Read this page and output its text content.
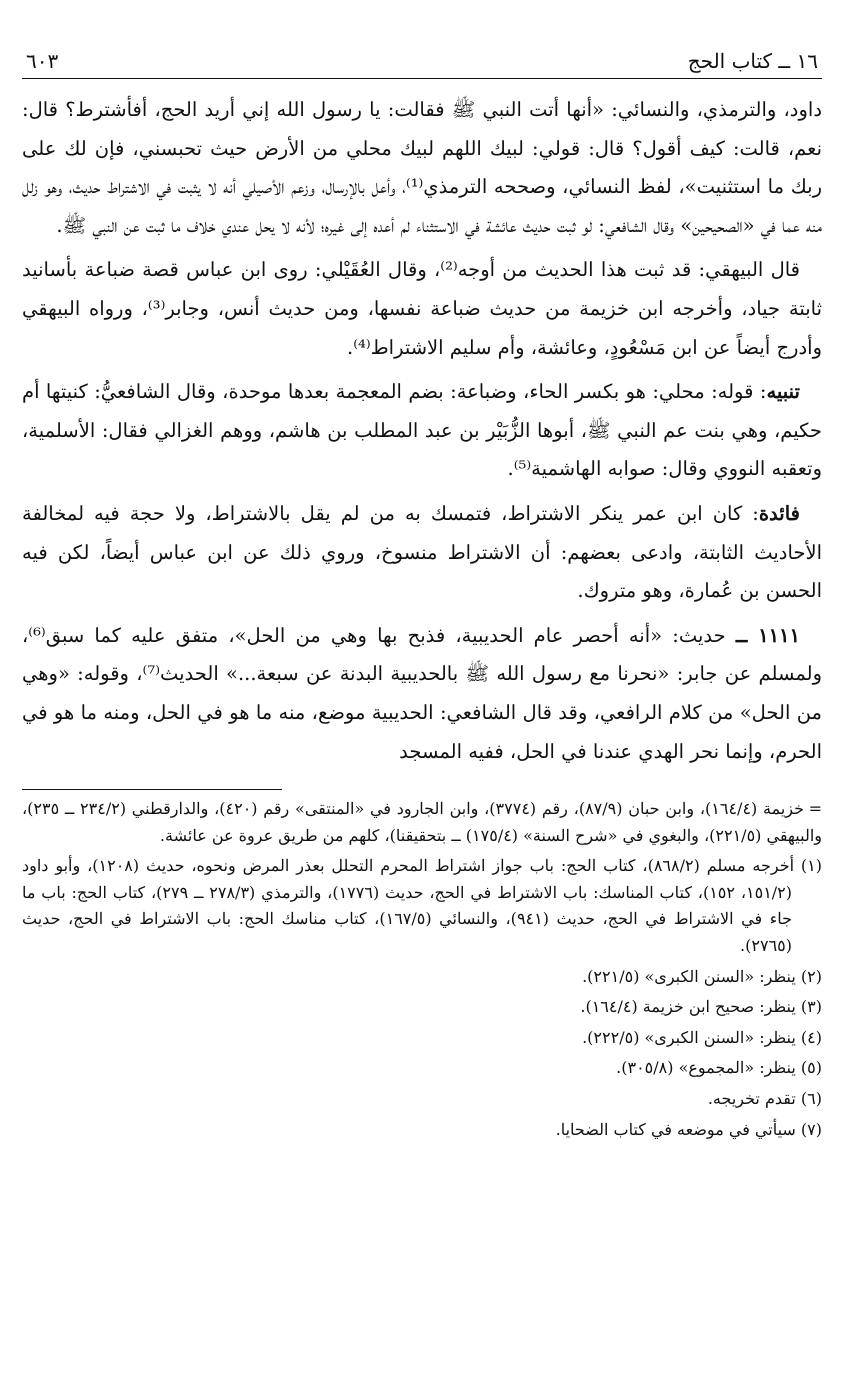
١٦ ــ كتاب الحج
٦٠٣

داود، والترمذي، والنسائي: «أنها أتت النبي ﷺ فقالت: يا رسول الله إني أريد الحج، أفأشترط؟ قال: نعم، قالت: كيف أقول؟ قال: قولي: لبيك اللهم لبيك محلي من الأرض حيث تحبسني، فإن لك على ربك ما استثنيت»، لفظ النسائي، وصححه الترمذي⁽¹⁾، وأعل بالإرسال، وزعم الأصيلي أنه لا يثبت في الاشتراط حديث، وهو زلل منه عما في «الصحيحين» وقال الشافعي: لو ثبت حديث عائشة في الاستثناء لم أعده إلى غيره؛ لأنه لا يحل عندي خلاف ما ثبت عن النبي ﷺ.

قال البيهقي: قد ثبت هذا الحديث من أوجه⁽²⁾، وقال العُقَيْلي: روى ابن عباس قصة ضباعة بأسانيد ثابتة جياد، وأخرجه ابن خزيمة من حديث ضباعة نفسها، ومن حديث أنس، وجابر⁽³⁾، ورواه البيهقي وأدرج أيضاً عن ابن مَسْعُودٍ، وعائشة، وأم سليم الاشتراط⁽⁴⁾.

تنبيه: قوله: محلي: هو بكسر الحاء، وضباعة: بضم المعجمة بعدها موحدة، وقال الشافعيُّ: كنيتها أم حكيم، وهي بنت عم النبي ﷺ، أبوها الزُّبَيْر بن عبد المطلب بن هاشم، ووهم الغزالي فقال: الأسلمية، وتعقبه النووي وقال: صوابه الهاشمية⁽⁵⁾.

فائدة: كان ابن عمر ينكر الاشتراط، فتمسك به من لم يقل بالاشتراط، ولا حجة فيه لمخالفة الأحاديث الثابتة، وادعى بعضهم: أن الاشتراط منسوخ، وروي ذلك عن ابن عباس أيضاً، لكن فيه الحسن بن عُمارة، وهو متروك.

١١١١ ــ حديث: «أنه أحصر عام الحديبية، فذبح بها وهي من الحل»، متفق عليه كما سبق⁽⁶⁾، ولمسلم عن جابر: «نحرنا مع رسول الله ﷺ بالحديبية البدنة عن سبعة...» الحديث⁽⁷⁾، وقوله: «وهي من الحل» من كلام الرافعي، وقد قال الشافعي: الحديبية موضع، منه ما هو في الحل، ومنه ما هو في الحرم، وإنما نحر الهدي عندنا في الحل، ففيه المسجد

=خزيمة (١٦٤/٤)، وابن حبان (٨٧/٩)، رقم (٣٧٧٤)، وابن الجارود في «المنتقى» رقم (٤٢٠)، والدارقطني (٢٣٤/٢ ــ ٢٣٥)، والبيهقي (٢٢١/٥)، والبغوي في «شرح السنة» (١٧٥/٤) ــ بتحقيقنا)، كلهم من طريق عروة عن عائشة.

(١) أخرجه مسلم (٨٦٨/٢)، كتاب الحج: باب جواز اشتراط المحرم التحلل بعذر المرض ونحوه، حديث (١٢٠٨)، وأبو داود (١٥١/٢، ١٥٢)، كتاب المناسك: باب الاشتراط في الحج، حديث (١٧٧٦)، والترمذي (٢٧٨/٣ ــ ٢٧٩)، كتاب الحج: باب ما جاء في الاشتراط في الحج، حديث (٩٤١)، والنسائي (١٦٧/٥)، كتاب مناسك الحج: باب الاشتراط في الحج، حديث (٢٧٦٥).

(٢) ينظر: «السنن الكبرى» (٢٢١/٥).

(٣) ينظر: صحيح ابن خزيمة (١٦٤/٤).

(٤) ينظر: «السنن الكبرى» (٢٢٢/٥).

(٥) ينظر: «المجموع» (٣٠٥/٨).

(٦) تقدم تخريجه.

(٧) سيأتي في موضعه في كتاب الضحايا.
